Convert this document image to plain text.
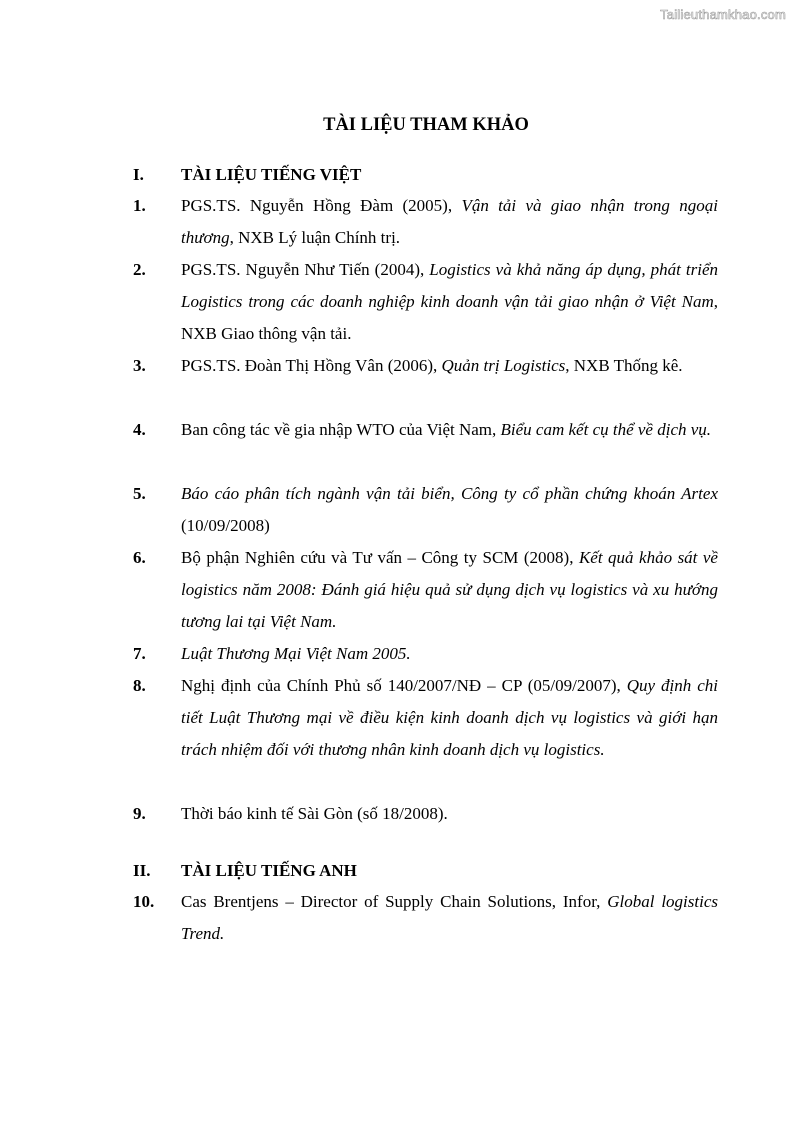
Tailieuthamkhao.com
TÀI LIỆU THAM KHẢO
I. TÀI LIỆU TIẾNG VIỆT
1. PGS.TS. Nguyễn Hồng Đàm (2005), Vận tải và giao nhận trong ngoại thương, NXB Lý luận Chính trị.
2. PGS.TS. Nguyễn Như Tiến (2004), Logistics và khả năng áp dụng, phát triển Logistics trong các doanh nghiệp kinh doanh vận tải giao nhận ở Việt Nam, NXB Giao thông vận tải.
3. PGS.TS. Đoàn Thị Hồng Vân (2006), Quản trị Logistics, NXB Thống kê.
4. Ban công tác về gia nhập WTO của Việt Nam, Biểu cam kết cụ thể về dịch vụ.
5. Báo cáo phân tích ngành vận tải biển, Công ty cổ phần chứng khoán Artex (10/09/2008)
6. Bộ phận Nghiên cứu và Tư vấn – Công ty SCM (2008), Kết quả khảo sát về logistics năm 2008: Đánh giá hiệu quả sử dụng dịch vụ logistics và xu hướng tương lai tại Việt Nam.
7. Luật Thương Mại Việt Nam 2005.
8. Nghị định của Chính Phủ số 140/2007/NĐ – CP (05/09/2007), Quy định chi tiết Luật Thương mại về điều kiện kinh doanh dịch vụ logistics và giới hạn trách nhiệm đối với thương nhân kinh doanh dịch vụ logistics.
9. Thời báo kinh tế Sài Gòn (số 18/2008).
II. TÀI LIỆU TIẾNG ANH
10. Cas Brentjens – Director of Supply Chain Solutions, Infor, Global logistics Trend.
